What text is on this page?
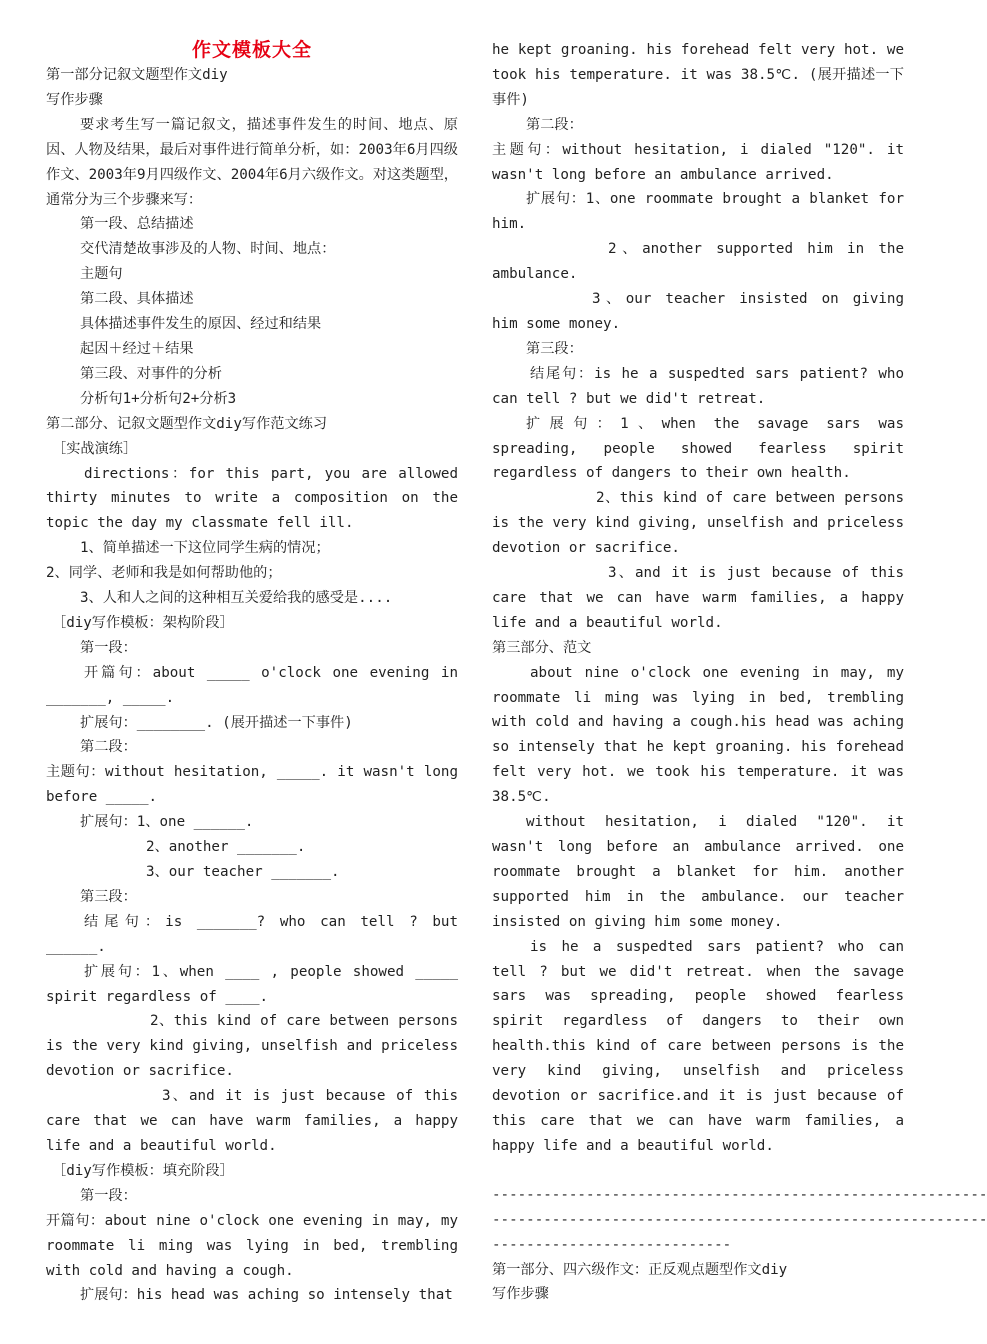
作文模板大全
第一部分记叙文题型作文diy
写作步骤
要求考生写一篇记叙文，描述事件发生的时间、地点、原因、人物及结果，最后对事件进行简单分析，如：2003年6月四级作文、2003年9月四级作文、2004年6月六级作文。对这类题型，通常分为三个步骤来写：
第一段、总结描述
交代清楚故事涉及的人物、时间、地点：
主题句
第二段、具体描述
具体描述事件发生的原因、经过和结果
起因＋经过＋结果
第三段、对事件的分析
分析句1+分析句2+分析3
第二部分、记叙文题型作文diy写作范文练习
［实战演练］
directions：for this part, you are allowed thirty minutes to write a composition on the topic the day my classmate fell ill.
1、简单描述一下这位同学生病的情况；
2、同学、老师和我是如何帮助他的；
3、人和人之间的这种相互关爱给我的感受是....
［diy写作模板：架构阶段］
第一段：
开篇句：about _____ o'clock one evening in _______, _____.
扩展句：________. (展开描述一下事件)
第二段：
主题句：without hesitation, _____. it wasn't long before _____.
扩展句：1、one ______.
2、another _______.
3、our teacher _______.
第三段：
结尾句：is _______? who can tell ? but ______.
扩展句：1、when ____ , people showed _____ spirit regardless of ____.
2、this kind of care between persons is the very kind giving, unselfish and priceless devotion or sacrifice.
3、and it is just because of this care that we can have warm families, a happy life and a beautiful world.
［diy写作模板：填充阶段］
第一段：
开篇句：about nine o'clock one evening in may, my roommate li ming was lying in bed, trembling with cold and having a cough.
扩展句：his head was aching so intensely that
he kept groaning. his forehead felt very hot. we took his temperature. it was 38.5℃. (展开描述一下事件)
第二段：
主题句：without hesitation, i dialed "120". it wasn't long before an ambulance arrived.
扩展句：1、one roommate brought a blanket for him.
2、another supported him in the ambulance.
3、our teacher insisted on giving him some money.
第三段：
结尾句：is he a suspedted sars patient? who can tell ? but we did't retreat.
扩展句：1、when the savage sars was spreading, people showed fearless spirit regardless of dangers to their own health.
2、this kind of care between persons is the very kind giving, unselfish and priceless devotion or sacrifice.
3、and it is just because of this care that we can have warm families, a happy life and a beautiful world.
第三部分、范文
about nine o'clock one evening in may, my roommate li ming was lying in bed, trembling with cold and having a cough.his head was aching so intensely that he kept groaning. his forehead felt very hot. we took his temperature. it was 38.5℃.
without hesitation, i dialed "120". it wasn't long before an ambulance arrived. one roommate brought a blanket for him. another supported him in the ambulance. our teacher insisted on giving him some money.
is he a suspedted sars patient? who can tell ? but we did't retreat. when the savage sars was spreading, people showed fearless spirit regardless of dangers to their own health.this kind of care between persons is the very kind giving, unselfish and priceless devotion or sacrifice.and it is just because of this care that we can have warm families, a happy life and a beautiful world.
----------------------------------------------------------
----------------------------------------------------------
----------------------------
第一部分、四六级作文：正反观点题型作文diy
写作步骤
